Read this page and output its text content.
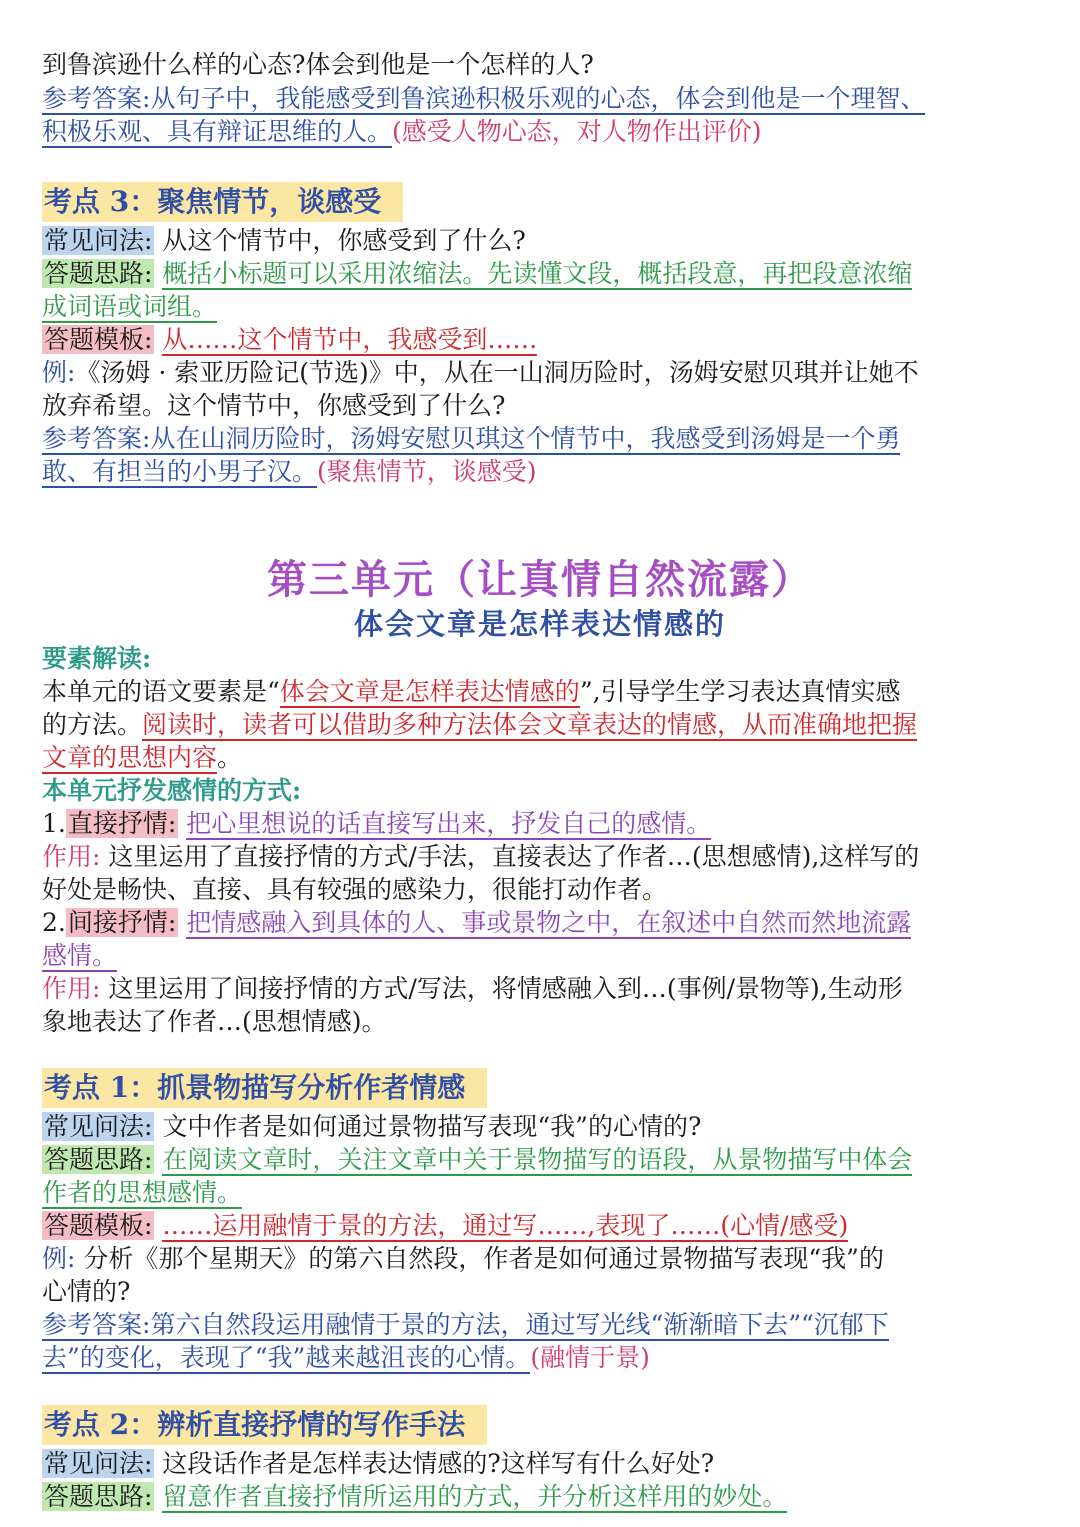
到鲁滨逊什么样的心态?体会到他是一个怎样的人?
参考答案:从句子中，我能感受到鲁滨逊积极乐观的心态，体会到他是一个理智、
积极乐观、具有辩证思维的人。(感受人物心态，对人物作出评价)
考点 3：聚焦情节，谈感受
常见问法: 从这个情节中，你感受到了什么?
答题思路: 概括小标题可以采用浓缩法。先读懂文段，概括段意，再把段意浓缩
成词语或词组。
答题模板: 从……这个情节中，我感受到……
例:《汤姆 · 索亚历险记(节选)》中，从在一山洞历险时，汤姆安慰贝琪并让她不
放弃希望。这个情节中，你感受到了什么?
参考答案:从在山洞历险时，汤姆安慰贝琪这个情节中，我感受到汤姆是一个勇
敢、有担当的小男子汉。(聚焦情节，谈感受)
第三单元（让真情自然流露）
体会文章是怎样表达情感的
要素解读:
本单元的语文要素是“体会文章是怎样表达情感的”,引导学生学习表达真情实感
的方法。阅读时，读者可以借助多种方法体会文章表达的情感，从而准确地把握
文章的思想内容。
本单元抒发感情的方式:
1.直接抒情: 把心里想说的话直接写出来，抒发自己的感情。
作用: 这里运用了直接抒情的方式/手法，直接表达了作者…(思想感情),这样写的
好处是畅快、直接、具有较强的感染力，很能打动作者。
2.间接抒情: 把情感融入到具体的人、事或景物之中，在叙述中自然而然地流露
感情。
作用: 这里运用了间接抒情的方式/写法，将情感融入到…(事例/景物等),生动形
象地表达了作者…(思想情感)。
考点 1：抓景物描写分析作者情感
常见问法: 文中作者是如何通过景物描写表现“我”的心情的?
答题思路: 在阅读文章时，关注文章中关于景物描写的语段，从景物描写中体会
作者的思想感情。
答题模板: ……运用融情于景的方法，通过写……,表现了……(心情/感受)
例: 分析《那个星期天》的第六自然段，作者是如何通过景物描写表现“我”的
心情的?
参考答案:第六自然段运用融情于景的方法，通过写光线“渐渐暗下去”“沉郁下
去”的变化，表现了“我”越来越沮丧的心情。(融情于景)
考点 2：辨析直接抒情的写作手法
常见问法: 这段话作者是怎样表达情感的?这样写有什么好处?
答题思路: 留意作者直接抒情所运用的方式，并分析这样用的妙处。
